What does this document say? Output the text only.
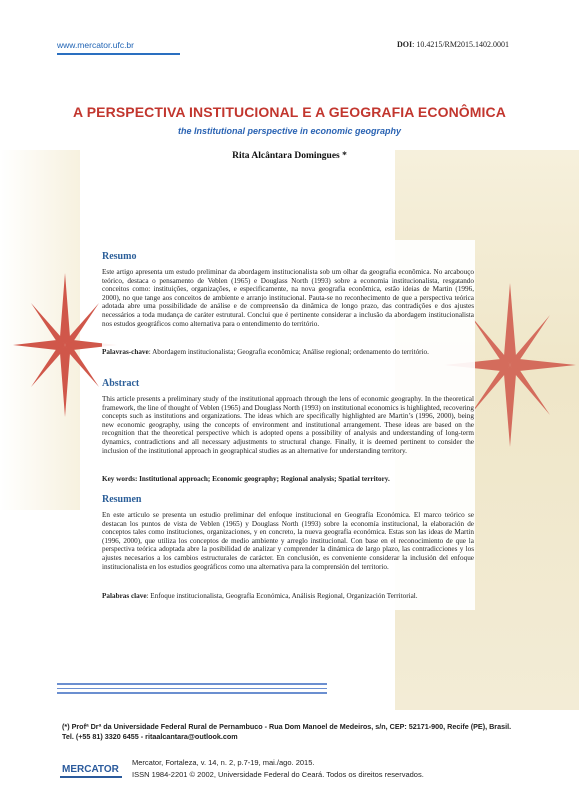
www.mercator.ufc.br	DOI: 10.4215/RM2015.1402.0001
A PERSPECTIVA INSTITUCIONAL E A GEOGRAFIA ECONÔMICA
the Institutional perspective in economic geography
Rita Alcântara Domingues *
Resumo
Este artigo apresenta um estudo preliminar da abordagem institucionalista sob um olhar da geografia econômica. No arcabouço teórico, destaca o pensamento de Veblen (1965) e Douglass North (1993) sobre a economia institucionalista, resgatando conceitos como: instituições, organizações, e especificamente, na nova geografia econômica, estão ideias de Martin (1996, 2000), no que tange aos conceitos de ambiente e arranjo institucional. Pauta-se no reconhecimento de que a perspectiva teórica adotada abre uma possibilidade de análise e de compreensão da dinâmica de longo prazo, das contradições e dos ajustes necessários a toda mudança de caráter estrutural. Conclui que é pertinente considerar a inclusão da abordagem institucionalista nos estudos geográficos como alternativa para o entendimento do território.
Palavras-chave: Abordagem institucionalista; Geografia econômica; Análise regional; ordenamento do território.
Abstract
This article presents a preliminary study of the institutional approach through the lens of economic geography. In the theoretical framework, the line of thought of Veblen (1965) and Douglass North (1993) on institutional economics is highlighted, recovering concepts such as institutions and organizations. The ideas which are specifically highlighted are Martin’s (1996, 2000), being new economic geography, using the concepts of environment and institutional arrangement. These ideas are based on the recognition that the theoretical perspective which is adopted opens a possibility of analysis and understanding of long-term dynamics, contradictions and all necessary adjustments to structural change. Finally, it is deemed pertinent to consider the inclusion of the institutional approach in geographical studies as an alternative for understanding territory.
Key words: Institutional approach; Economic geography; Regional analysis; Spatial territory.
Resumen
En este artículo se presenta un estudio preliminar del enfoque institucional en Geografía Económica. El marco teórico se destacan los puntos de vista de Veblen (1965) y Douglass North (1993) sobre la economía institucional, la elaboración de conceptos tales como instituciones, organizaciones, y en concreto, la nueva geografía económica. Estas son las ideas de Martin (1996, 2000), que utiliza los conceptos de medio ambiente y arreglo institucional. Con base en el reconocimiento de que la perspectiva teórica adoptada abre la posibilidad de analizar y comprender la dinámica de largo plazo, las contradicciones y los ajustes necesarios a los cambios estructurales de carácter. En conclusión, es conveniente considerar la inclusión del enfoque institucionalista en los estudios geográficos como una alternativa para la comprensión del territorio.
Palabras clave: Enfoque institucionalista, Geografía Económica, Análisis Regional, Organización Territorial.
(*) Profª Drª da Universidade Federal Rural de Pernambuco - Rua Dom Manoel de Medeiros, s/n, CEP: 52171-900, Recife (PE), Brasil. Tel. (+55 81) 3320 6455 - ritaalcantara@outlook.com
MERCATOR
Mercator, Fortaleza, v. 14, n. 2, p.7-19, mai./ago. 2015.
ISSN 1984-2201 © 2002, Universidade Federal do Ceará. Todos os direitos reservados.
